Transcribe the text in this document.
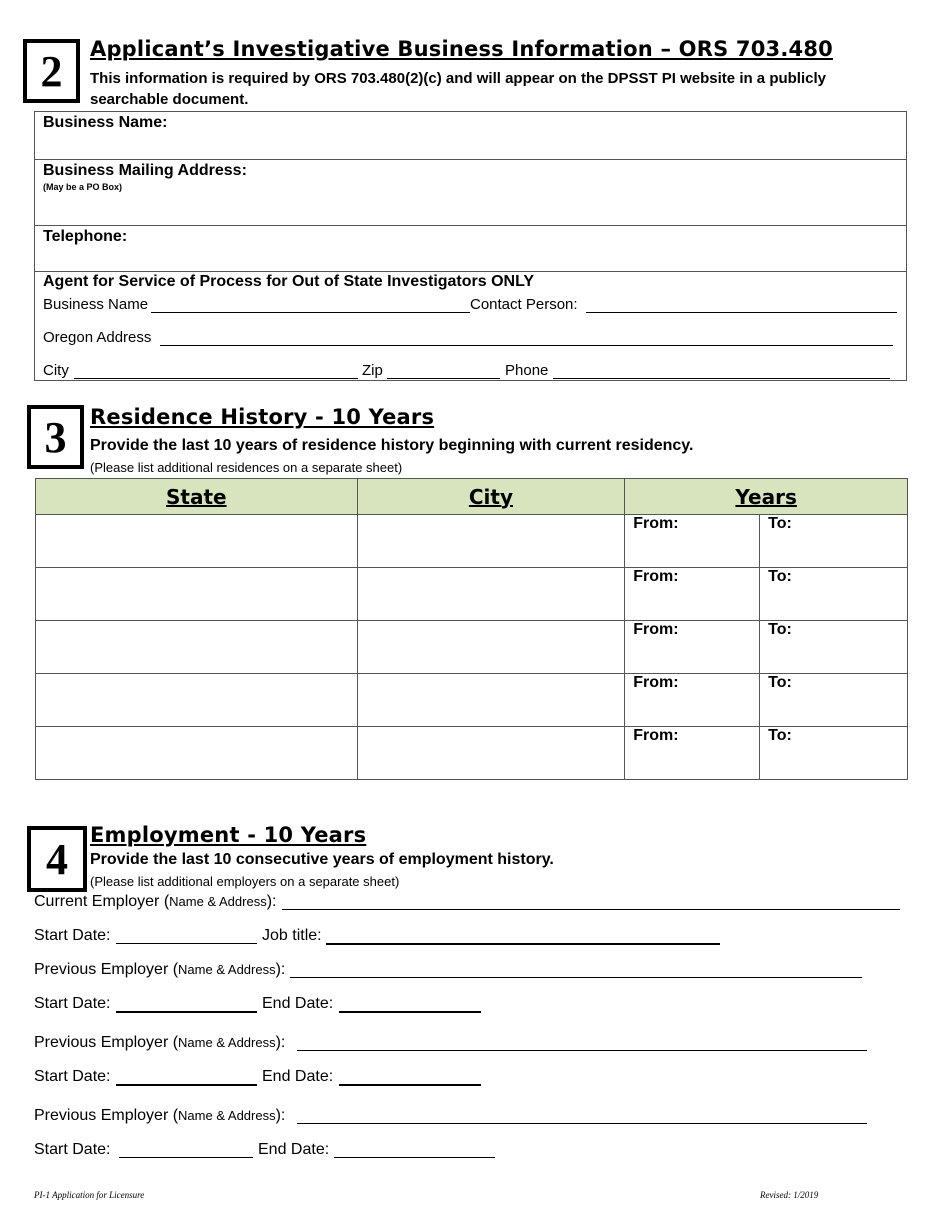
2 Applicant’s Investigative Business Information – ORS 703.480
This information is required by ORS 703.480(2)(c) and will appear on the DPSST PI website in a publicly
searchable document.
Business Name:
Business Mailing Address:
(May be a PO Box)
Telephone:
Agent for Service of Process for Out of State Investigators ONLY
Business Name	Contact Person:
Oregon Address
City	Zip	Phone
3 Residence History - 10 Years
Provide the last 10 years of residence history beginning with current residency.
(Please list additional residences on a separate sheet)
State	City	Years	

		From:	To:

		From:	To:

		From:	To:

		From:	To:

		From:	To:
4 Employment - 10 Years
Provide the last 10 consecutive years of employment history.
(Please list additional employers on a separate sheet)
Current Employer (Name & Address):
Start Date:	Job title:
Previous Employer (Name & Address):
Start Date:	End Date:
Previous Employer (Name & Address):
Start Date:	End Date:
Previous Employer (Name & Address):
Start Date:	End Date:
PI-1 Application for Licensure	Revised: 1/2019
